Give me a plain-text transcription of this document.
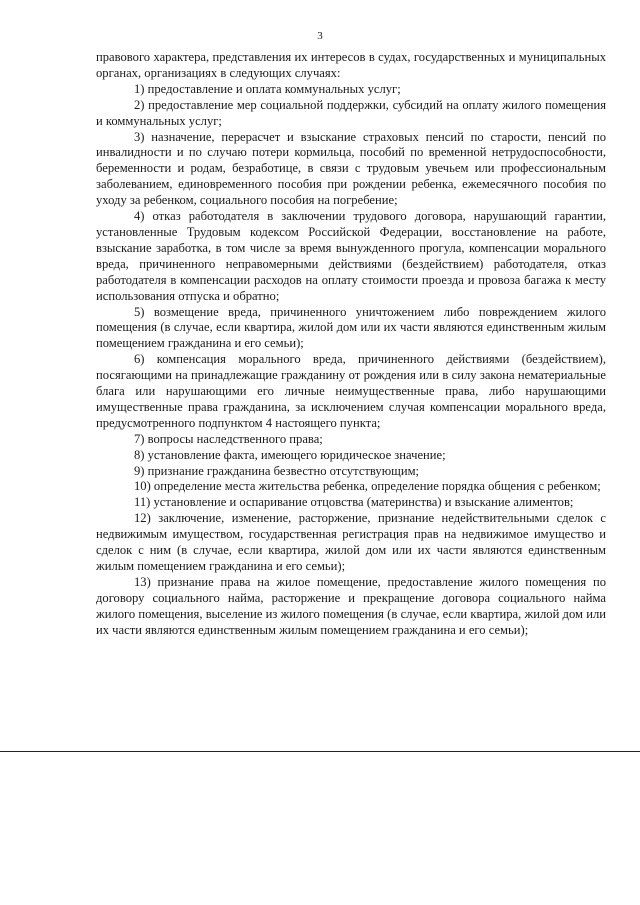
3

правового характера, представления их интересов в судах, государственных и муниципальных органах, организациях в следующих случаях:

1) предоставление и оплата коммунальных услуг;

2) предоставление мер социальной поддержки, субсидий на оплату жилого помещения и коммунальных услуг;

3) назначение, перерасчет и взыскание страховых пенсий по старости, пенсий по инвалидности и по случаю потери кормильца, пособий по временной нетрудоспособности, беременности и родам, безработице, в связи с трудовым увечьем или профессиональным заболеванием, единовременного пособия при рождении ребенка, ежемесячного пособия по уходу за ребенком, социального пособия на погребение;

4) отказ работодателя в заключении трудового договора, нарушающий гарантии, установленные Трудовым кодексом Российской Федерации, восстановление на работе, взыскание заработка, в том числе за время вынужденного прогула, компенсации морального вреда, причиненного неправомерными действиями (бездействием) работодателя, отказ работодателя в компенсации расходов на оплату стоимости проезда и провоза багажа к месту использования отпуска и обратно;

5) возмещение вреда, причиненного уничтожением либо повреждением жилого помещения (в случае, если квартира, жилой дом или их части являются единственным жилым помещением гражданина и его семьи);

6) компенсация морального вреда, причиненного действиями (бездействием), посягающими на принадлежащие гражданину от рождения или в силу закона нематериальные блага или нарушающими его личные неимущественные права, либо нарушающими имущественные права гражданина, за исключением случая компенсации морального вреда, предусмотренного подпунктом 4 настоящего пункта;

7) вопросы наследственного права;

8) установление факта, имеющего юридическое значение;

9) признание гражданина безвестно отсутствующим;

10) определение места жительства ребенка, определение порядка общения с ребенком;

11) установление и оспаривание отцовства (материнства) и взыскание алиментов;

12) заключение, изменение, расторжение, признание недействительными сделок с недвижимым имуществом, государственная регистрация прав на недвижимое имущество и сделок с ним (в случае, если квартира, жилой дом или их части являются единственным жилым помещением гражданина и его семьи);

13) признание права на жилое помещение, предоставление жилого помещения по договору социального найма, расторжение и прекращение договора социального найма жилого помещения, выселение из жилого помещения (в случае, если квартира, жилой дом или их части являются единственным жилым помещением гражданина и его семьи);
